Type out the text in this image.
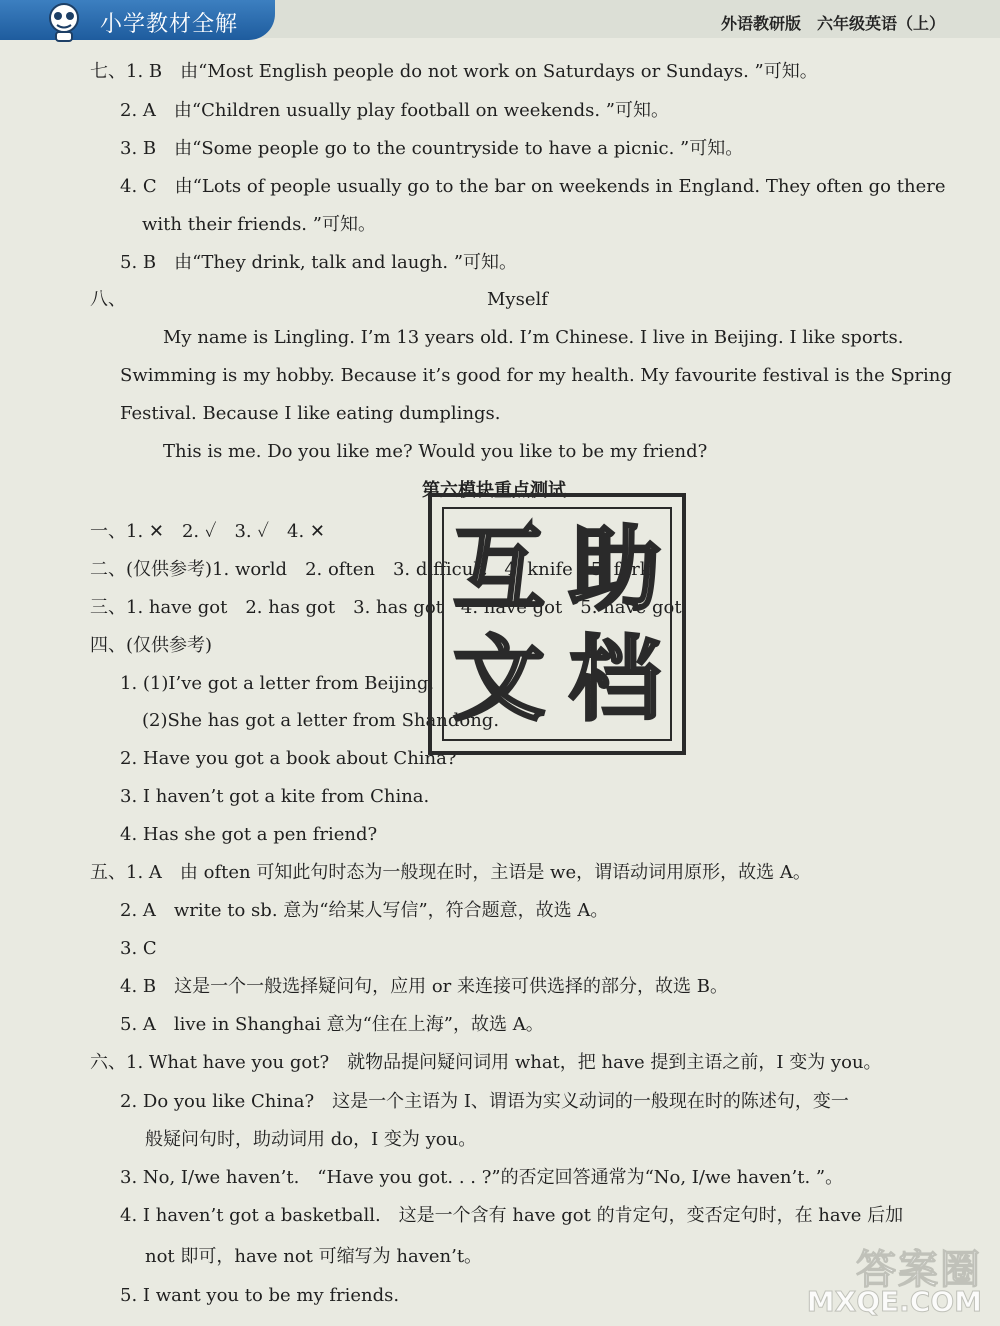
小学教材全解	外语教研版　六年级英语（上）
七、1. B　由“Most English people do not work on Saturdays or Sundays. ”可知。
2. A　由“Children usually play football on weekends. ”可知。
3. B　由“Some people go to the countryside to have a picnic. ”可知。
4. C　由“Lots of people usually go to the bar on weekends in England. They often go there
with their friends. ”可知。
5. B　由“They drink, talk and laugh. ”可知。
八、	Myself
My name is Lingling. I’m 13 years old. I’m Chinese. I live in Beijing. I like sports.
Swimming is my hobby. Because it’s good for my health. My favourite festival is the Spring
Festival. Because I like eating dumplings.
This is me. Do you like me? Would you like to be my friend?
第六模块重点测试
一、1. ✕　2. ✓　3. ✓　4. ✕
二、(仅供参考)1. world　2. often　3. difficult　4. knife　5. fork
三、1. have got　2. has got　3. has got　4. have got　5. have got
四、(仅供参考)
1. (1)I’ve got a letter from Beijing.
(2)She has got a letter from Shandong.
2. Have you got a book about China?
3. I haven’t got a kite from China.
4. Has she got a pen friend?
五、1. A　由 often 可知此句时态为一般现在时，主语是 we，谓语动词用原形，故选 A。
2. A　write to sb. 意为“给某人写信”，符合题意，故选 A。
3. C
4. B　这是一个一般选择疑问句，应用 or 来连接可供选择的部分，故选 B。
5. A　live in Shanghai 意为“住在上海”，故选 A。
六、1. What have you got?　就物品提问疑问词用 what，把 have 提到主语之前，I 变为 you。
2. Do you like China?　这是一个主语为 I、谓语为实义动词的一般现在时的陈述句，变一
般疑问句时，助动词用 do，I 变为 you。
3. No, I/we haven’t.　“Have you got. . . ?”的否定回答通常为“No, I/we haven’t. ”。
4. I haven’t got a basketball.　这是一个含有 have got 的肯定句，变否定句时，在 have 后加
not 即可，have not 可缩写为 haven’t。
5. I want you to be my friends.
互 助
文 档
答案圈
MXQE.COM
